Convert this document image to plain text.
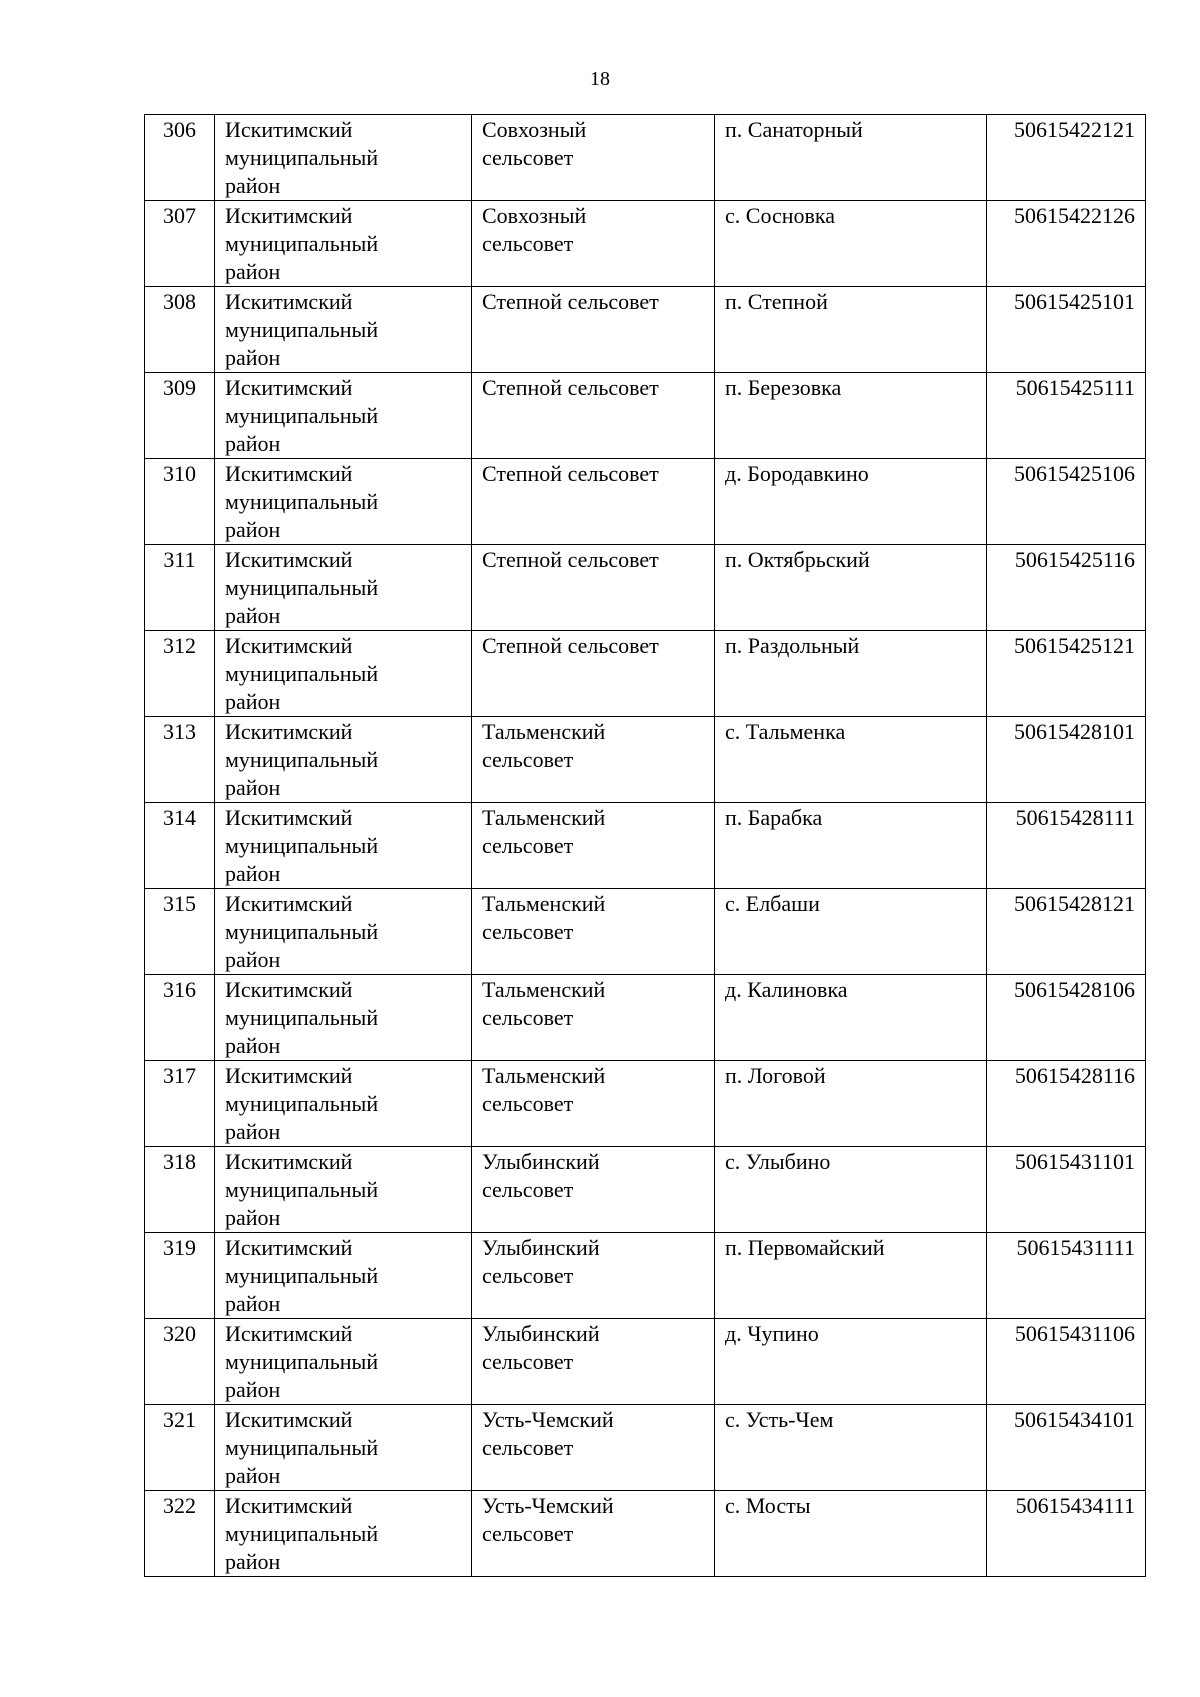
18
306	Искитимский
муниципальный
район	Совхозный
сельсовет	п. Санаторный	50615422121

307	Искитимский
муниципальный
район	Совхозный
сельсовет	с. Сосновка	50615422126

308	Искитимский
муниципальный
район	Степной сельсовет	п. Степной	50615425101

309	Искитимский
муниципальный
район	Степной сельсовет	п. Березовка	50615425111

310	Искитимский
муниципальный
район	Степной сельсовет	д. Бородавкино	50615425106

311	Искитимский
муниципальный
район	Степной сельсовет	п. Октябрьский	50615425116

312	Искитимский
муниципальный
район	Степной сельсовет	п. Раздольный	50615425121

313	Искитимский
муниципальный
район	Тальменский
сельсовет	с. Тальменка	50615428101

314	Искитимский
муниципальный
район	Тальменский
сельсовет	п. Барабка	50615428111

315	Искитимский
муниципальный
район	Тальменский
сельсовет	с. Елбаши	50615428121

316	Искитимский
муниципальный
район	Тальменский
сельсовет	д. Калиновка	50615428106

317	Искитимский
муниципальный
район	Тальменский
сельсовет	п. Логовой	50615428116

318	Искитимский
муниципальный
район	Улыбинский
сельсовет	с. Улыбино	50615431101

319	Искитимский
муниципальный
район	Улыбинский
сельсовет	п. Первомайский	50615431111

320	Искитимский
муниципальный
район	Улыбинский
сельсовет	д. Чупино	50615431106

321	Искитимский
муниципальный
район	Усть-Чемский
сельсовет	с. Усть-Чем	50615434101

322	Искитимский
муниципальный
район	Усть-Чемский
сельсовет	с. Мосты	50615434111
